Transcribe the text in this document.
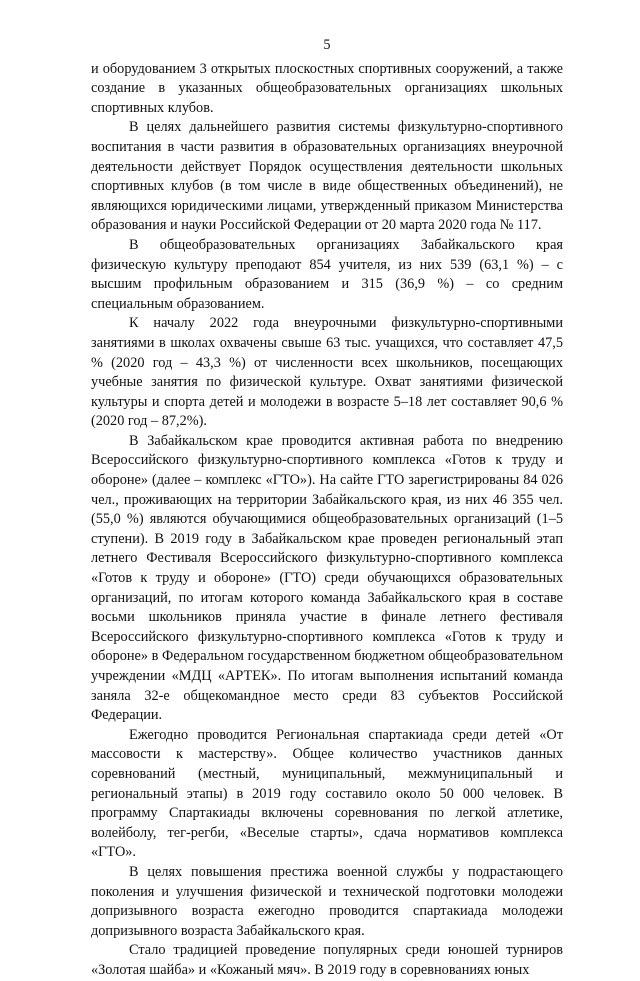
5

и оборудованием 3 открытых плоскостных спортивных сооружений, а также создание в указанных общеобразовательных организациях школьных спортивных клубов.

В целях дальнейшего развития системы физкультурно-спортивного воспитания в части развития в образовательных организациях внеурочной деятельности действует Порядок осуществления деятельности школьных спортивных клубов (в том числе в виде общественных объединений), не являющихся юридическими лицами, утвержденный приказом Министерства образования и науки Российской Федерации от 20 марта 2020 года № 117.

В общеобразовательных организациях Забайкальского края физическую культуру преподают 854 учителя, из них 539 (63,1 %) – с высшим профильным образованием и 315 (36,9 %) – со средним специальным образованием.

К началу 2022 года внеурочными физкультурно-спортивными занятиями в школах охвачены свыше 63 тыс. учащихся, что составляет 47,5 % (2020 год – 43,3 %) от численности всех школьников, посещающих учебные занятия по физической культуре. Охват занятиями физической культуры и спорта детей и молодежи в возрасте 5–18 лет составляет 90,6 % (2020 год – 87,2%).

В Забайкальском крае проводится активная работа по внедрению Всероссийского физкультурно-спортивного комплекса «Готов к труду и обороне» (далее – комплекс «ГТО»). На сайте ГТО зарегистрированы 84 026 чел., проживающих на территории Забайкальского края, из них 46 355 чел. (55,0 %) являются обучающимися общеобразовательных организаций (1–5 ступени). В 2019 году в Забайкальском крае проведен региональный этап летнего Фестиваля Всероссийского физкультурно-спортивного комплекса «Готов к труду и обороне» (ГТО) среди обучающихся образовательных организаций, по итогам которого команда Забайкальского края в составе восьми школьников приняла участие в финале летнего фестиваля Всероссийского физкультурно-спортивного комплекса «Готов к труду и обороне» в Федеральном государственном бюджетном общеобразовательном учреждении «МДЦ «АРТЕК». По итогам выполнения испытаний команда заняла 32-е общекомандное место среди 83 субъектов Российской Федерации.

Ежегодно проводится Региональная спартакиада среди детей «От массовости к мастерству». Общее количество участников данных соревнований (местный, муниципальный, межмуниципальный и региональный этапы) в 2019 году составило около 50 000 человек. В программу Спартакиады включены соревнования по легкой атлетике, волейболу, тег-регби, «Веселые старты», сдача нормативов комплекса «ГТО».

В целях повышения престижа военной службы у подрастающего поколения и улучшения физической и технической подготовки молодежи допризывного возраста ежегодно проводится спартакиада молодежи допризывного возраста Забайкальского края.

Стало традицией проведение популярных среди юношей турниров «Золотая шайба» и «Кожаный мяч». В 2019 году в соревнованиях юных
